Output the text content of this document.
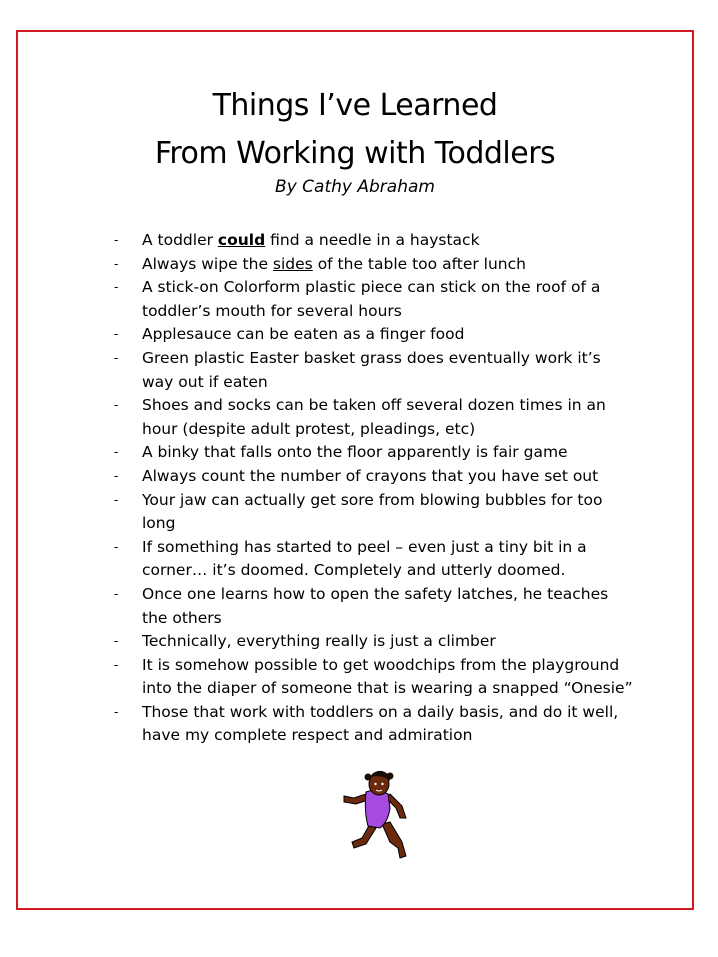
Things I’ve Learned
From Working with Toddlers
By Cathy Abraham
- A toddler could find a needle in a haystack
- Always wipe the sides of the table too after lunch
- A stick-on Colorform plastic piece can stick on the roof of a toddler’s mouth for several hours
- Applesauce can be eaten as a finger food
- Green plastic Easter basket grass does eventually work it’s way out if eaten
- Shoes and socks can be taken off several dozen times in an hour (despite adult protest, pleadings, etc)
- A binky that falls onto the floor apparently is fair game
- Always count the number of crayons that you have set out
- Your jaw can actually get sore from blowing bubbles for too long
- If something has started to peel – even just a tiny bit in a corner… it’s doomed. Completely and utterly doomed.
- Once one learns how to open the safety latches, he teaches the others
- Technically, everything really is just a climber
- It is somehow possible to get woodchips from the playground into the diaper of someone that is wearing a snapped “Onesie”
- Those that work with toddlers on a daily basis, and do it well, have my complete respect and admiration
